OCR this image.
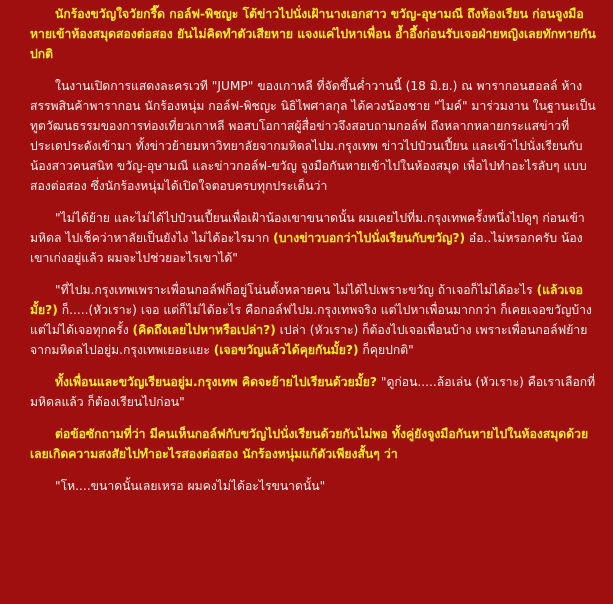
นักร้องขวัญใจวัยกรี๊ด กอล์ฟ-พิชญะ โต้ข่าวไปนั่งเฝ้านางเอกสาว ขวัญ-อุษามณี ถึงห้องเรียน ก่อนจูงมือหายเข้าห้องสมุดสองต่อสอง ยันไม่คิดทำตัวเสียหาย แจงแค่ไปหาเพื่อน อ้ำอึ้งก่อนรับเจอฝ่ายหญิงเลยทักทายกันปกติ

ในงานเปิดการแสดงละครเวที "JUMP" ของเกาหลี ที่จัดขึ้นค่ำวานนี้ (18 มิ.ย.) ณ พารากอนฮอลล์ ห้างสรรพสินค้าพารากอน นักร้องหนุ่ม กอล์ฟ-พิชญะ นิธิไพศาลกุล ได้ควงน้องชาย "ไมค์" มาร่วมงาน ในฐานะเป็นทูตวัฒนธรรมของการท่องเที่ยวเกาหลี พอสบโอกาสผู้สื่อข่าวจึงสอบถามกอล์ฟ ถึงหลากหลายกระแสข่าวที่ประเดประดังเข้ามา ทั้งข่าวย้ายมหาวิทยาลัยจากมหิดลไปม.กรุงเทพ ข่าวไปป๋วนเปี้ยน และเข้าไปนั่งเรียนกับน้องสาวคนสนิท ขวัญ-อุษามณี และข่าวกอล์ฟ-ขวัญ จูงมือกันหายเข้าไปในห้องสมุด เพื่อไปทำอะไรลับๆ แบบสองต่อสอง ซึ่งนักร้องหนุ่มได้เปิดใจตอบครบทุกประเด็นว่า

"ไม่ได้ย้าย และไม่ได้ไปป๋วนเปี้ยนเพื่อเฝ้าน้องเขาขนาดนั้น ผมเคยไปที่ม.กรุงเทพครั้งหนึ่งไปดูๆ ก่อนเข้ามหิดล ไปเช็คว่าหาลัยเป็นยังไง ไม่ได้อะไรมาก (บางข่าวบอกว่าไปนั่งเรียนกับขวัญ?) อ๋อ..ไม่หรอกครับ น้องเขาเก่งอยู่แล้ว ผมจะไปช่วยอะไรเขาได้"

"ที่ไปม.กรุงเทพเพราะเพื่อนกอล์ฟก็อยู่โน่นตั้งหลายคน ไม่ได้ไปเพราะขวัญ ถ้าเจอก็ไม่ได้อะไร (แล้วเจอมั้ย?) ก็.....(หัวเราะ) เจอ แต่ก็ไม่ได้อะไร คือกอล์ฟไปม.กรุงเทพจริง แต่ไปหาเพื่อนมากกว่า ก็เคยเจอขวัญบ้างแต่ไม่ได้เจอทุกครั้ง (คิดถึงเลยไปหาหรือเปล่า?) เปล่า (หัวเราะ) ก็ต้องไปเจอเพื่อนบ้าง เพราะเพื่อนกอล์ฟย้ายจากมหิดลไปอยู่ม.กรุงเทพเยอะแยะ (เจอขวัญแล้วได้คุยกันมั้ย?) ก็คุยปกติ"

ทั้งเพื่อนและขวัญเรียนอยู่ม.กรุงเทพ คิดจะย้ายไปเรียนด้วยมั้ย? "ดูก่อน.....ล้อเล่น (หัวเราะ) คือเราเลือกที่มหิดลแล้ว ก็ต้องเรียนไปก่อน"

ต่อข้อซักถามที่ว่า มีคนเห็นกอล์ฟกับขวัญไปนั่งเรียนด้วยกันไม่พอ ทั้งคู่ยังจูงมือกันหายไปในห้องสมุดด้วย เลยเกิดความสงสัยไปทำอะไรสองต่อสอง นักร้องหนุ่มแก้ตัวเพียงสั้นๆ ว่า

"โห....ขนาดนั้นเลยเหรอ ผมคงไม่ได้อะไรขนาดนั้น"
